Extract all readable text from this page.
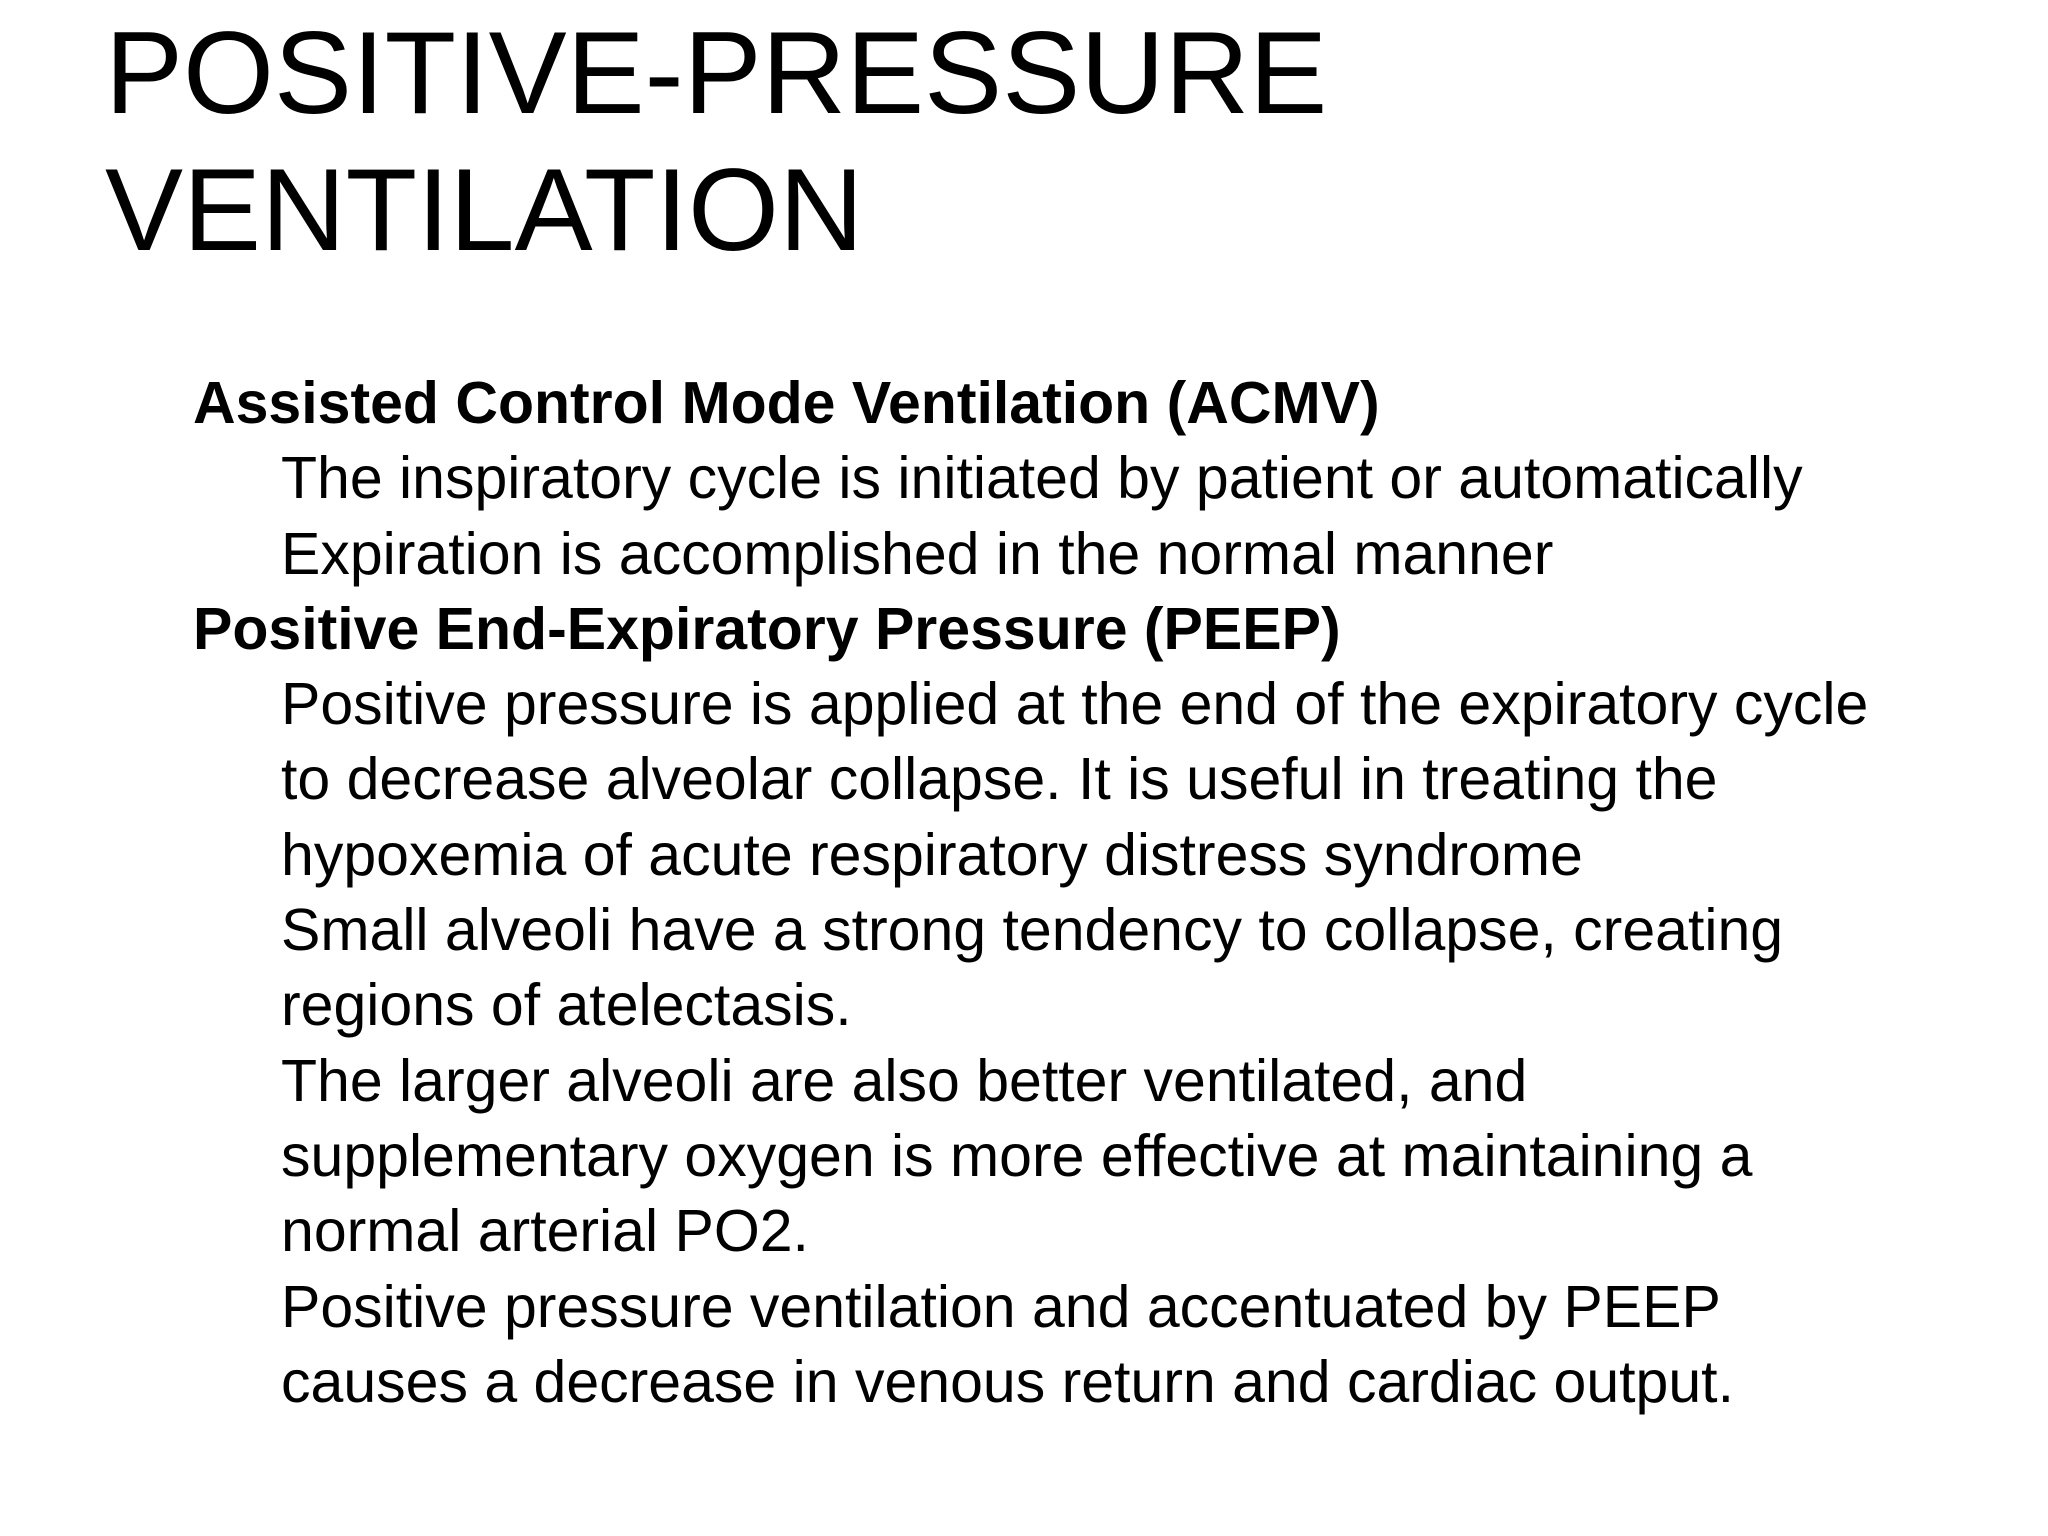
POSITIVE-PRESSURE
VENTILATION
Assisted Control Mode Ventilation (ACMV)
The inspiratory cycle is initiated by patient or automatically
Expiration is accomplished in the normal manner
Positive End-Expiratory Pressure (PEEP)
Positive pressure is applied at the end of the expiratory cycle
to decrease alveolar collapse. It is useful in treating the
hypoxemia of acute respiratory distress syndrome
Small alveoli have a strong tendency to collapse, creating
regions of atelectasis.
The larger alveoli are also better ventilated, and
supplementary oxygen is more effective at maintaining a
normal arterial PO2.
Positive pressure ventilation and accentuated by PEEP
causes a decrease in venous return and cardiac output.
